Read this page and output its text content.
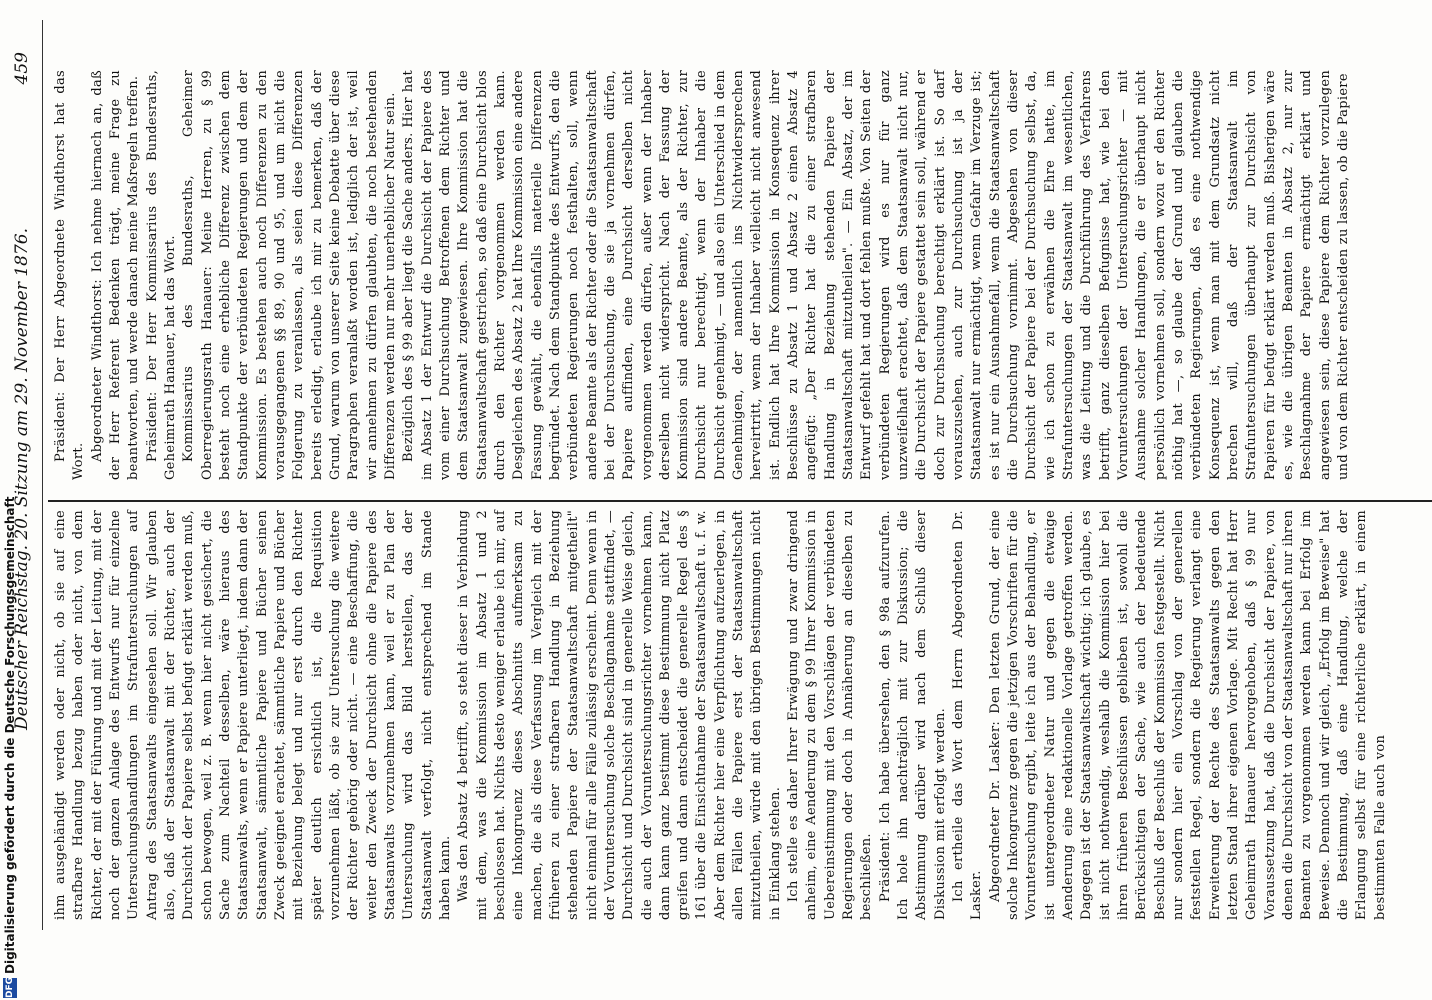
Deutscher Reichstag. 20. Sitzung am 29. November 1876.
459

ihm ausgehändigt werden oder nicht, ob sie auf eine strafbare Handlung bezug haben oder nicht, von dem Richter, der mit der Führung und mit der Leitung, mit der noch der ganzen Anlage des Entwurfs nur für einzelne Untersuchungshandlungen im Strafuntersuchungen auf Antrag des Staatsanwalts eingesehen soll. Wir glauben also, daß der Staatsanwalt mit der Richter, auch der Durchsicht der Papiere selbst befugt erklärt werden muß, schon bewogen, weil z. B. wenn hier nicht gesichert, die Sache zum Nachteil desselben, wäre hieraus des Staatsanwalts, wenn er Papiere unterliegt, indem dann der Staatsanwalt, sämmtliche Papiere und Bücher seinen Zweck geeignet erachtet, sämmtliche Papiere und Bücher mit Beziehung belegt und nur erst durch den Richter später deutlich ersichtlich ist, die Requisition vorzunehmen läßt, ob sie zur Untersuchung die weitere der Richter gehörig oder nicht. — eine Beschaffung, die weiter den Zweck der Durchsicht ohne die Papiere des Staatsanwalts vorzunehmen kann, weil er zu Plan der Untersuchung wird das Bild herstellen, das der Staatsanwalt verfolgt, nicht entsprechend im Stande haben kann. Was den Absatz 4 betrifft, so steht dieser in Verbindung mit dem, was die Kommission im Absatz 1 und 2 beschlossen hat. Nichts desto weniger erlaube ich mir, auf eine Inkongruenz dieses Abschnitts aufmerksam zu machen, die als diese Verfassung im Vergleich mit der früheren zu einer strafbaren Handlung in Beziehung stehenden Papiere der Staatsanwaltschaft mitgetheilt" nicht einmal für alle Fälle zulässig erscheint. Denn wenn in der Voruntersuchung solche Beschlagnahme stattfindet, — Durchsicht und Durchsicht sind in generelle Weise gleich, die auch der Voruntersuchungsrichter vornehmen kann, dann kann ganz bestimmt diese Bestimmung nicht Platz greifen und dann entscheidet die generelle Regel des § 161 über die Einsichtnahme der Staatsanwaltschaft u. f. w. Aber dem Richter hier eine Verpflichtung aufzuerlegen, in allen Fällen die Papiere erst der Staatsanwaltschaft mitzutheilen, würde mit den übrigen Bestimmungen nicht in Einklang stehen. Ich stelle es daher Ihrer Erwägung und zwar dringend anheim, eine Aenderung zu dem § 99 Ihrer Kommission in Uebereinstimmung mit den Vorschlägen der verbündeten Regierungen oder doch in Annäherung an dieselben zu beschließen. Präsident: Ich habe übersehen, den § 98a aufzurufen. Ich hole ihn nachträglich mit zur Diskussion; die Abstimmung darüber wird nach dem Schluß dieser Diskussion mit erfolgt werden. Ich ertheile das Wort dem Herrn Abgeordneten Dr. Lasker. Abgeordneter Dr. Lasker: Den letzten Grund, der eine solche Inkongruenz gegen die jetzigen Vorschriften für die Voruntersuchung ergibt, leite ich aus der Behandlung, er ist untergeordneter Natur und gegen die etwaige Aenderung eine redaktionelle Vorlage getroffen werden. Dagegen ist der Staatsanwaltschaft wichtig; ich glaube, es ist nicht nothwendig, weshalb die Kommission hier bei ihren früheren Beschlüssen geblieben ist, sowohl die Berücksichtigen der Sache, wie auch der bedeutende Beschluß der Beschluß der Kommission festgestellt. Nicht nur sondern hier ein Vorschlag von der generellen feststellen Regel, sondern die Regierung verlangt eine Erweiterung der Rechte des Staatsanwalts gegen den letzten Stand ihrer eigenen Vorlage. Mit Recht hat Herr Geheimrath Hanauer hervorgehoben, daß § 99 nur Voraussetzung hat, daß die Durchsicht der Papiere, von denen die Durchsicht von der Staatsanwaltschaft nur ihren Beamten zu vorgenommen werden kann bei Erfolg im Beweise. Dennoch und wir gleich, „Erfolg im Beweise" hat die Bestimmung, daß eine Handlung, welche der Erlangung selbst für eine richterliche erklärt, in einem bestimmten Falle auch von

Präsident: Der Herr Abgeordnete Windthorst hat das Wort. Abgeordneter Windthorst: Ich nehme hiernach an, daß der Herr Referent Bedenken trägt, meine Frage zu beantworten, und werde danach meine Maßregeln treffen. Präsident: Der Herr Kommissarius des Bundesraths, Geheimrath Hanauer, hat das Wort. Kommissarius des Bundesraths, Geheimer Oberregierungsrath Hanauer: Meine Herren, zu § 99 besteht noch eine erhebliche Differenz zwischen dem Standpunkte der verbündeten Regierungen und dem der Kommission. Es bestehen auch noch Differenzen zu den vorausgegangenen §§ 89, 90 und 95, und um nicht die Folgerung zu veranlassen, als seien diese Differenzen bereits erledigt, erlaube ich mir zu bemerken, daß der Grund, warum von unserer Seite keine Debatte über diese Paragraphen veranlaßt worden ist, lediglich der ist, weil wir annehmen zu dürfen glaubten, die noch bestehenden Differenzen werden nur mehr unerheblicher Natur sein. Bezüglich des § 99 aber liegt die Sache anders. Hier hat im Absatz 1 der Entwurf die Durchsicht der Papiere des vom einer Durchsuchung Betroffenen dem Richter und dem Staatsanwalt zugewiesen. Ihre Kommission hat die Staatsanwaltschaft gestrichen, so daß eine Durchsicht blos durch den Richter vorgenommen werden kann. Desgleichen des Absatz 2 hat Ihre Kommission eine andere Fassung gewählt, die ebenfalls materielle Differenzen begründet. Nach dem Standpunkte des Entwurfs, den die verbündeten Regierungen noch festhalten, soll, wenn andere Beamte als der Richter oder die Staatsanwaltschaft bei der Durchsuchung, die sie ja vornehmen dürfen, Papiere auffinden, eine Durchsicht derselben nicht vorgenommen werden dürfen, außer wenn der Inhaber derselben nicht widerspricht. Nach der Fassung der Kommission sind andere Beamte, als der Richter, zur Durchsicht nur berechtigt, wenn der Inhaber die Durchsicht genehmigt, — und also ein Unterschied in dem Genehmigen, der namentlich ins Nichtwidersprechen herveirtritt, wenn der Inhaber vielleicht nicht anwesend ist. Endlich hat Ihre Kommission in Konsequenz ihrer Beschlüsse zu Absatz 1 und Absatz 2 einen Absatz 4 angefügt: „Der Richter hat die zu einer strafbaren Handlung in Beziehung stehenden Papiere der Staatsanwaltschaft mitzutheilen". — Ein Absatz, der im Entwurf gefehlt hat und dort fehlen mußte. Von Seiten der verbündeten Regierungen wird es nur für ganz unzweifelhaft erachtet, daß dem Staatsanwalt nicht nur, die Durchsicht der Papiere gestattet sein soll, während er doch zur Durchsuchung berechtigt erklärt ist. So darf vorauszusehen, auch zur Durchsuchung ist ja der Staatsanwalt nur ermächtigt, wenn Gefahr im Verzuge ist; es ist nur ein Ausnahmefall, wenn die Staatsanwaltschaft die Durchsuchung vornimmt. Abgesehen von dieser Durchsicht der Papiere bei der Durchsuchung selbst, da, wie ich schon zu erwähnen die Ehre hatte, im Strafuntersuchungen der Staatsanwalt im wesentlichen, was die Leitung und die Durchführung des Verfahrens betrifft, ganz dieselben Befugnisse hat, wie bei den Voruntersuchungen der Untersuchungsrichter — mit Ausnahme solcher Handlungen, die er überhaupt nicht persönlich vornehmen soll, sondern wozu er den Richter nöthig hat —, so glaube der Grund und glauben die verbündeten Regierungen, daß es eine nothwendige Konsequenz ist, wenn man mit dem Grundsatz nicht brechen will, daß der Staatsanwalt im Strafuntersuchungen überhaupt zur Durchsicht von Papieren für befugt erklärt werden muß. Bisherigen wäre es, wie die übrigen Beamten in Absatz 2, nur zur Beschlagnahme der Papiere ermächtigt erklärt und angewiesen sein, diese Papiere dem Richter vorzulegen und von dem Richter entscheiden zu lassen, ob die Papiere

DFG
Digitalisierung gefördert durch die Deutsche Forschungsgemeinschaft
